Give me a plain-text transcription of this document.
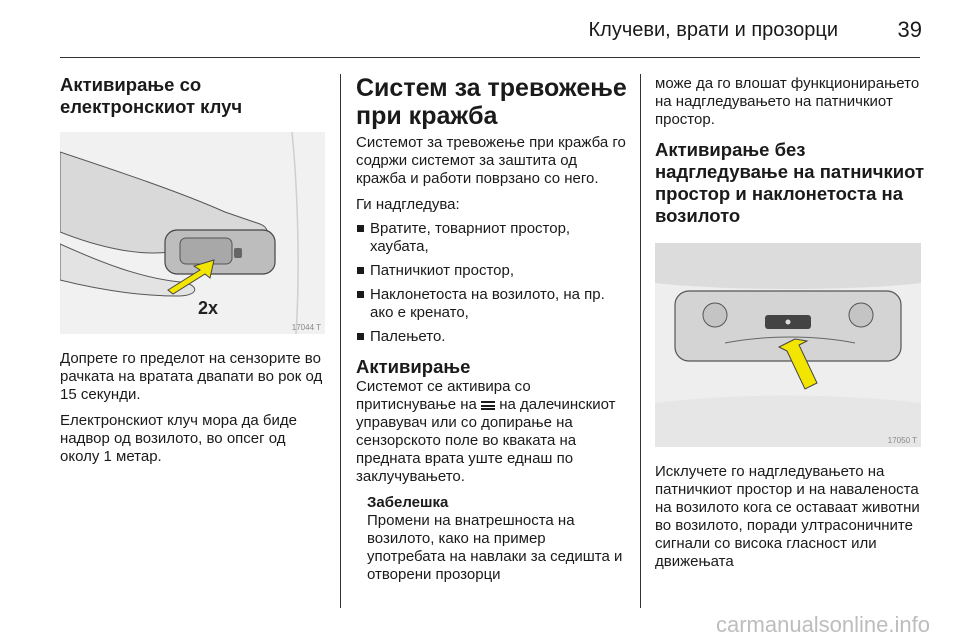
Клучеви, врати и прозорци	39
Активирање со електронскиот клуч
2x
17044 T

Допрете го пределот на сензорите во рачката на вратата двапати во рок од 15 секунди.

Електронскиот клуч мора да биде надвор од возилото, во опсег од околу 1 метар.

Систем за тревожење при кражба

Системот за тревожење при кражба го содржи системот за заштита од кражба и работи поврзано со него.

Ги надгледува:

Вратите, товарниот простор, хаубата,
Патничкиот простор,
Наклонетоста на возилото, на пр. ако е кренато,
Палењето.
Активирање

Системот се активира со притиснување на на далечинскиот управувач или со допирање на сензорското поле во кваката на предната врата уште еднаш по заклучувањето.

Забелешка

Промени на внатрешноста на возилото, како на пример употребата на навлаки за седишта и отворени прозорци

може да го влошат функционирањето на надгледувањето на патничкиот простор.

Активирање без надгледување на патничкиот простор и наклонетоста на возилото
17050 T

Исклучете го надгледувањето на патничкиот простор и на наваленоста на возилото кога се оставаат животни во возилото, поради ултрасоничните сигнали со висока гласност или движењата

carmanualsonline.info
